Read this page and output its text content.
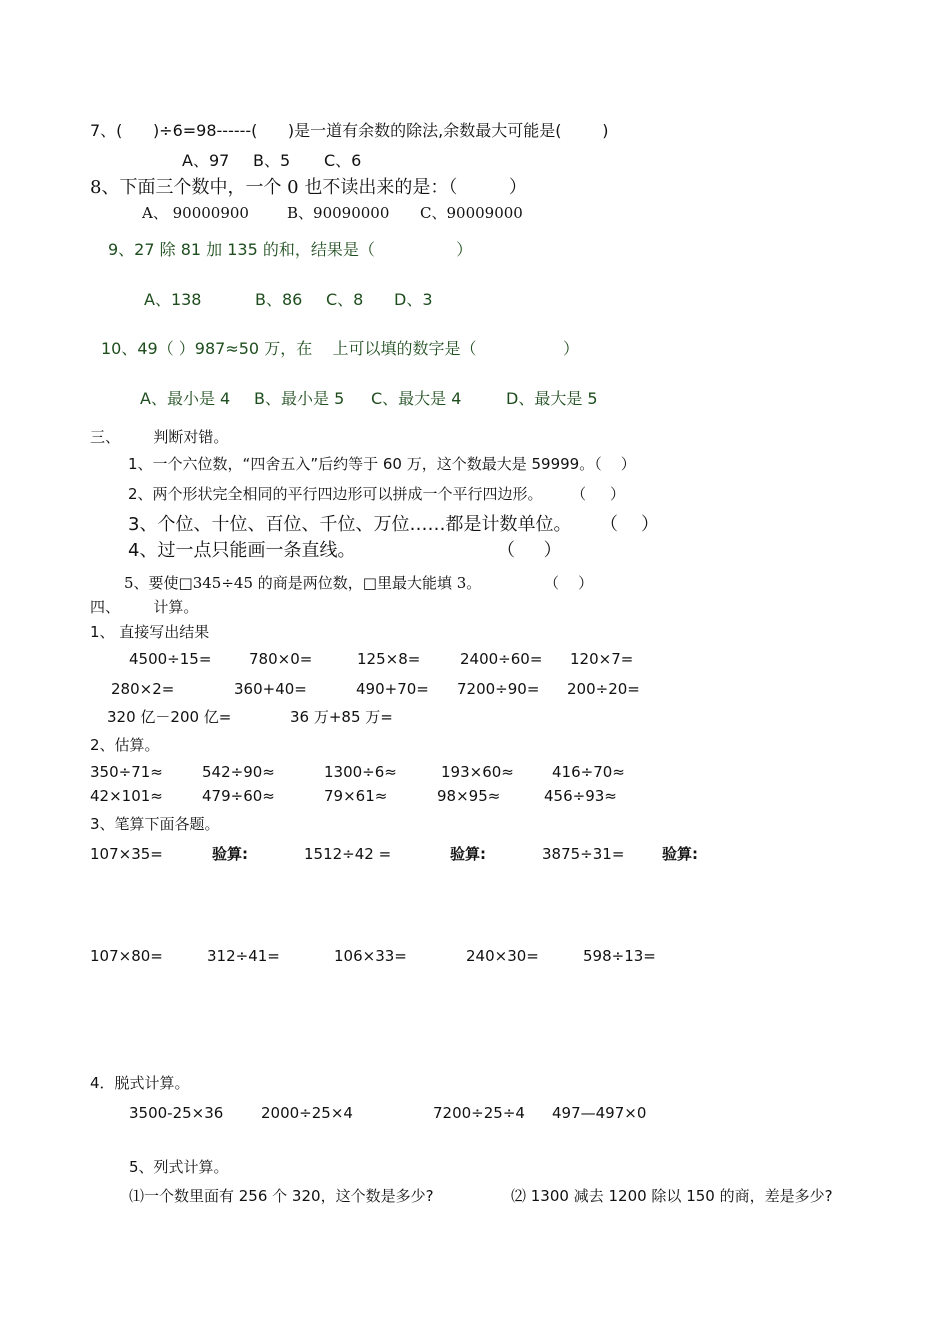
7、(      )÷6=98------(      )是一道有余数的除法,余数最大可能是(        )
A、97 B、5 C、6
8、下面三个数中，一个 0 也不读出来的是：（         ）
A、 90000900	B、90090000 C、90009000
9、27 除 81 加 135 的和，结果是（                ）
A、138	B、86 C、8 D、3
10、49（ ）987≈50 万，在    上可以填的数字是（                 ）
A、最小是 4 B、最小是 5 C、最大是 4	D、最大是 5
三、       判断对错。
1、一个六位数，“四舍五入”后约等于 60 万，这个数最大是 59999。（    ）
2、两个形状完全相同的平行四边形可以拼成一个平行四边形。      （     ）
3、个位、十位、百位、千位、万位……都是计数单位。     （    ）
4、过一点只能画一条直线。	（     ）
5、要使□345÷45 的商是两位数，□里最大能填 3。	（    ）
四、       计算。
1、 直接写出结果
4500÷15=	780×0=	125×8=	2400÷60= 120×7=
280×2=	360+40=	490+70= 7200÷90= 200÷20=
320 亿－200 亿=	36 万+85 万=
2、估算。
350÷71≈	542÷90≈	1300÷6≈	193×60≈	416÷70≈
42×101≈	479÷60≈	79×61≈	98×95≈	456÷93≈
3、笔算下面各题。
107×35=	验算:	1512÷42 =	验算:	3875÷31=	验算:
107×80=	312÷41=	106×33=	240×30=	598÷13=
4．脱式计算。
3500-25×36	2000÷25×4	7200÷25÷4 497—497×0
5、列式计算。
⑴一个数里面有 256 个 320，这个数是多少?	⑵ 1300 减去 1200 除以 150 的商，差是多少?
